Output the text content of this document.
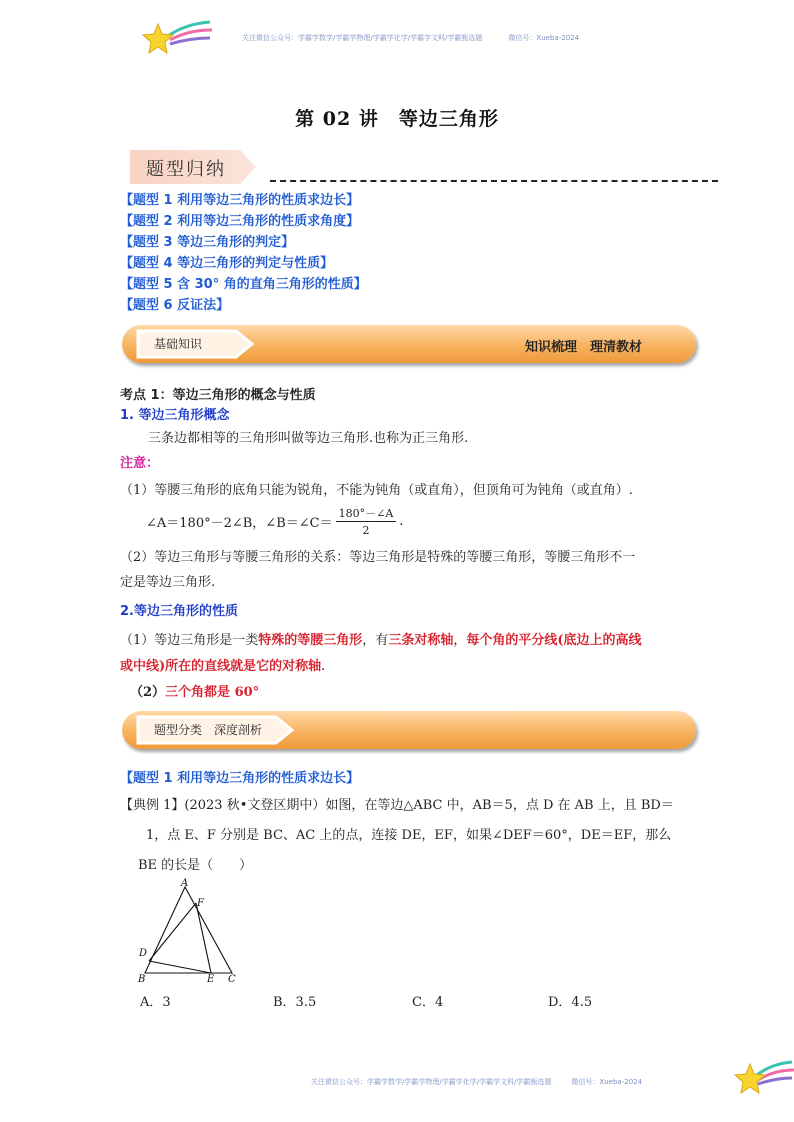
关注微信公众号：学霸学数学/学霸学物理/学霸学化学/学霸学文科/学霸甄选题	微信号：Xueba-2024
第 02 讲　等边三角形
题型归纳
【题型 1 利用等边三角形的性质求边长】
【题型 2 利用等边三角形的性质求角度】
【题型 3 等边三角形的判定】
【题型 4 等边三角形的判定与性质】
【题型 5 含 30° 角的直角三角形的性质】
【题型 6 反证法】
基础知识	知识梳理　理清教材
考点 1：等边三角形的概念与性质
1. 等边三角形概念
三条边都相等的三角形叫做等边三角形.也称为正三角形.
注意：
（1）等腰三角形的底角只能为锐角，不能为钝角（或直角），但顶角可为钝角（或直角）.
∠A＝180°－2∠B，∠B＝∠C＝ $\frac{180^\circ-\angle A}{2}$ .
（2）等边三角形与等腰三角形的关系：等边三角形是特殊的等腰三角形，等腰三角形不一
定是等边三角形.
2.等边三角形的性质
（1）等边三角形是一类特殊的等腰三角形，有三条对称轴，每个角的平分线(底边上的高线
或中线)所在的直线就是它的对称轴.
（2）三个角都是 60°
题型分类　深度剖析
【题型 1 利用等边三角形的性质求边长】
【典例 1】(2023 秋•文登区期中）如图，在等边△ABC 中，AB＝5，点 D 在 AB 上，且 BD＝
1，点 E、F 分别是 BC、AC 上的点，连接 DE，EF，如果∠DEF＝60°，DE＝EF，那么
BE 的长是（　　）
A
B	C
D
E
F
A．3	B．3.5	C．4	D．4.5
关注微信公众号：学霸学数学/学霸学物理/学霸学化学/学霸学文科/学霸甄选题	微信号：Xueba-2024
